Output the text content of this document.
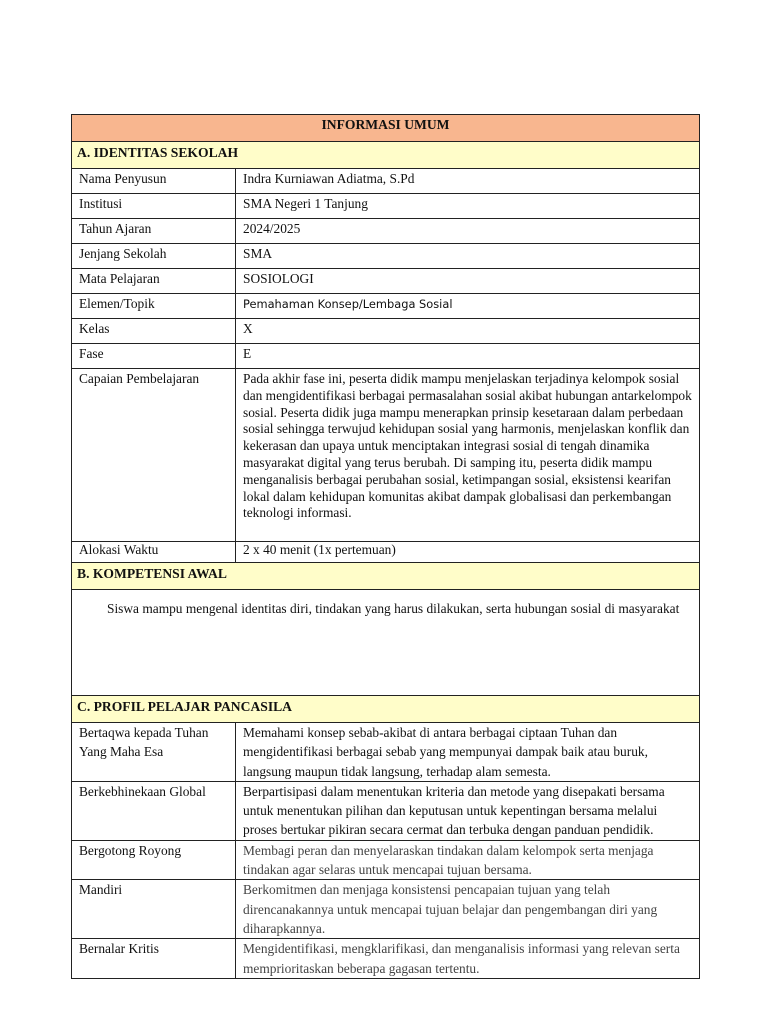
INFORMASI UMUM	
A. IDENTITAS SEKOLAH	
Nama Penyusun	Indra Kurniawan Adiatma, S.Pd
Institusi	SMA Negeri 1 Tanjung
Tahun Ajaran	2024/2025
Jenjang Sekolah	SMA
Mata Pelajaran	SOSIOLOGI
Elemen/Topik	Pemahaman Konsep/Lembaga Sosial
Kelas	X
Fase	E
Capaian Pembelajaran	Pada akhir fase ini, peserta didik mampu menjelaskan terjadinya kelompok sosial dan mengidentifikasi berbagai permasalahan sosial akibat hubungan antarkelompok sosial. Peserta didik juga mampu menerapkan prinsip kesetaraan dalam perbedaan sosial sehingga terwujud kehidupan sosial yang harmonis, menjelaskan konflik dan kekerasan dan upaya untuk menciptakan integrasi sosial di tengah dinamika masyarakat digital yang terus berubah. Di samping itu, peserta didik mampu menganalisis berbagai perubahan sosial, ketimpangan sosial, eksistensi kearifan lokal dalam kehidupan komunitas akibat dampak globalisasi dan perkembangan teknologi informasi.
Alokasi Waktu	2 x 40 menit (1x pertemuan)
B. KOMPETENSI AWAL	
Siswa mampu mengenal identitas diri, tindakan yang harus dilakukan, serta hubungan sosial di masyarakat	
C. PROFIL PELAJAR PANCASILA	
Bertaqwa kepada Tuhan Yang Maha Esa	Memahami konsep sebab-akibat di antara berbagai ciptaan Tuhan dan mengidentifikasi berbagai sebab yang mempunyai dampak baik atau buruk, langsung maupun tidak langsung, terhadap alam semesta.
Berkebhinekaan Global	Berpartisipasi dalam menentukan kriteria dan metode yang disepakati bersama untuk menentukan pilihan dan keputusan untuk kepentingan bersama melalui proses bertukar pikiran secara cermat dan terbuka dengan panduan pendidik.
Bergotong Royong	Membagi peran dan menyelaraskan tindakan dalam kelompok serta menjaga tindakan agar selaras untuk mencapai tujuan bersama.
Mandiri	Berkomitmen dan menjaga konsistensi pencapaian tujuan yang telah direncanakannya untuk mencapai tujuan belajar dan pengembangan diri yang diharapkannya.
Bernalar Kritis	Mengidentifikasi, mengklarifikasi, dan menganalisis informasi yang relevan serta memprioritaskan beberapa gagasan tertentu.
